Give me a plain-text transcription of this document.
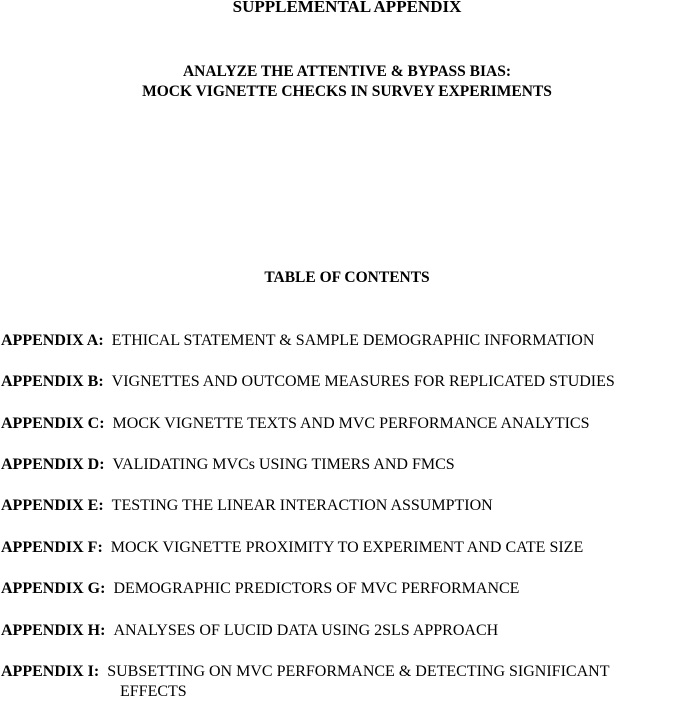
SUPPLEMENTAL APPENDIX
ANALYZE THE ATTENTIVE & BYPASS BIAS:
MOCK VIGNETTE CHECKS IN SURVEY EXPERIMENTS
TABLE OF CONTENTS
APPENDIX A: ETHICAL STATEMENT & SAMPLE DEMOGRAPHIC INFORMATION
APPENDIX B: VIGNETTES AND OUTCOME MEASURES FOR REPLICATED STUDIES
APPENDIX C: MOCK VIGNETTE TEXTS AND MVC PERFORMANCE ANALYTICS
APPENDIX D: VALIDATING MVCs USING TIMERS AND FMCS
APPENDIX E: TESTING THE LINEAR INTERACTION ASSUMPTION
APPENDIX F: MOCK VIGNETTE PROXIMITY TO EXPERIMENT AND CATE SIZE
APPENDIX G: DEMOGRAPHIC PREDICTORS OF MVC PERFORMANCE
APPENDIX H: ANALYSES OF LUCID DATA USING 2SLS APPROACH
APPENDIX I: SUBSETTING ON MVC PERFORMANCE & DETECTING SIGNIFICANT
EFFECTS
